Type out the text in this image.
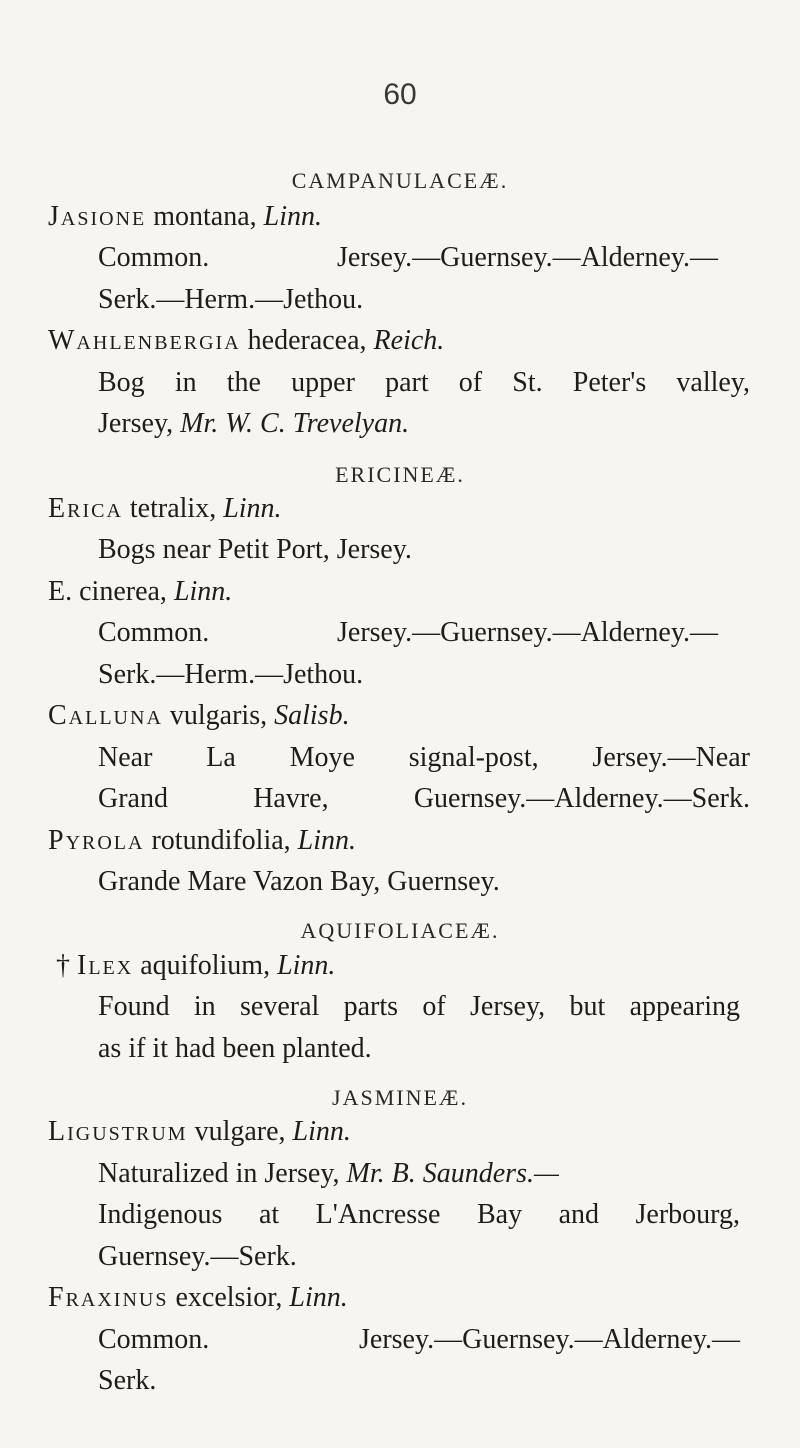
60
CAMPANULACEÆ.
Jasione montana, Linn.
Common. Jersey.—Guernsey.—Alderney.—
Serk.—Herm.—Jethou.
Wahlenbergia hederacea, Reich.
Bog in the upper part of St. Peter's valley,
Jersey, Mr. W. C. Trevelyan.
ERICINEÆ.
Erica tetralix, Linn.
Bogs near Petit Port, Jersey.
E. cinerea, Linn.
Common. Jersey.—Guernsey.—Alderney.—
Serk.—Herm.—Jethou.
Calluna vulgaris, Salisb.
Near La Moye signal-post, Jersey.—Near
Grand Havre, Guernsey.—Alderney.—Serk.
Pyrola rotundifolia, Linn.
Grande Mare Vazon Bay, Guernsey.
AQUIFOLIACEÆ.
† Ilex aquifolium, Linn.
Found in several parts of Jersey, but appearing
as if it had been planted.
JASMINEÆ.
Ligustrum vulgare, Linn.
Naturalized in Jersey, Mr. B. Saunders.—
Indigenous at L'Ancresse Bay and Jerbourg,
Guernsey.—Serk.
Fraxinus excelsior, Linn.
Common. Jersey.—Guernsey.—Alderney.—
Serk.
